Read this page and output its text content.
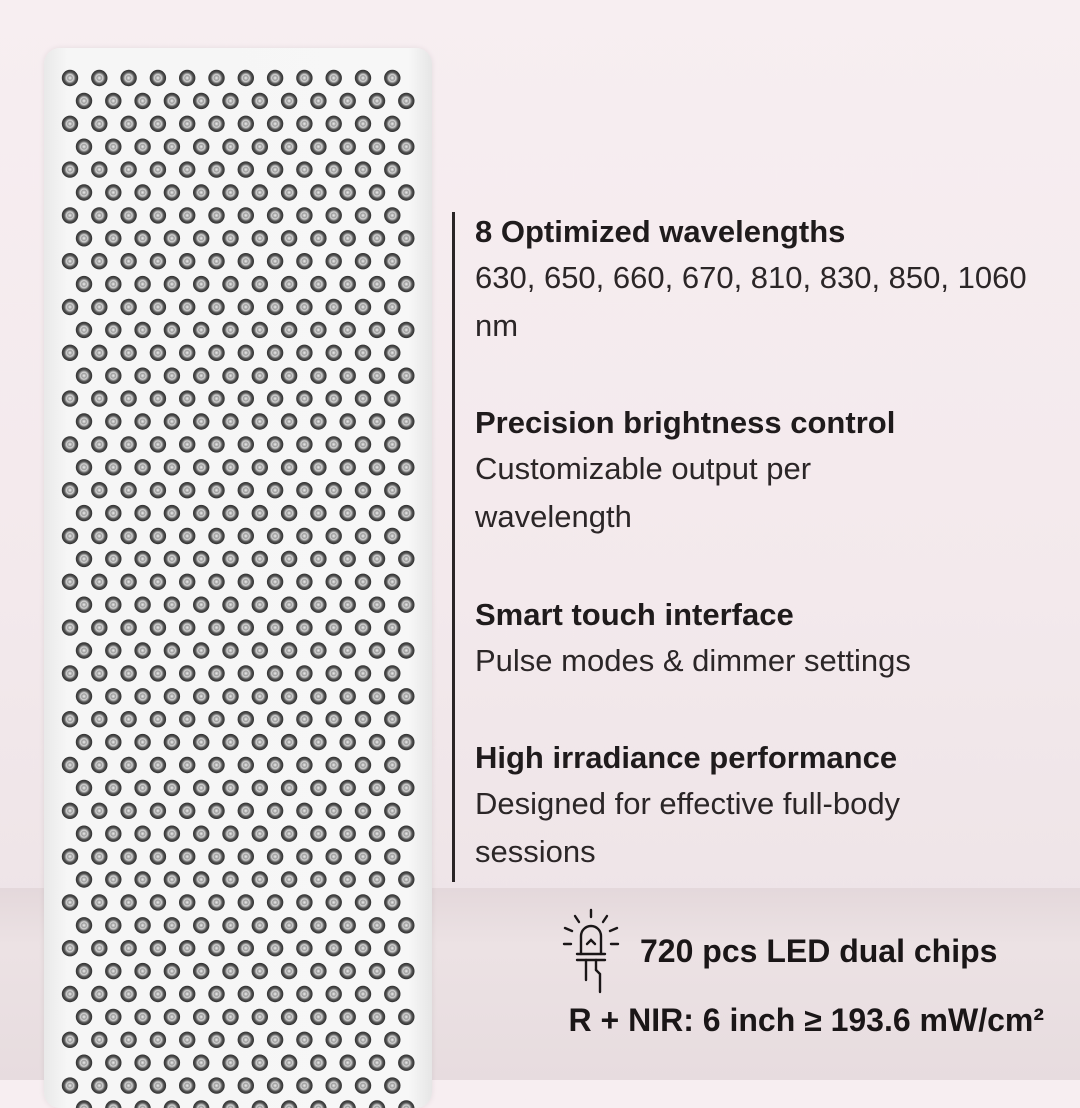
8 Optimized wavelengths

630, 650, 660, 670, 810, 830, 850, 1060 nm

Precision brightness control

Customizable output per wavelength

Smart touch interface

Pulse modes & dimmer settings

High irradiance performance

Designed for effective full-body sessions

720 pcs LED dual chips
R + NIR: 6 inch ≥ 193.6 mW/cm²
